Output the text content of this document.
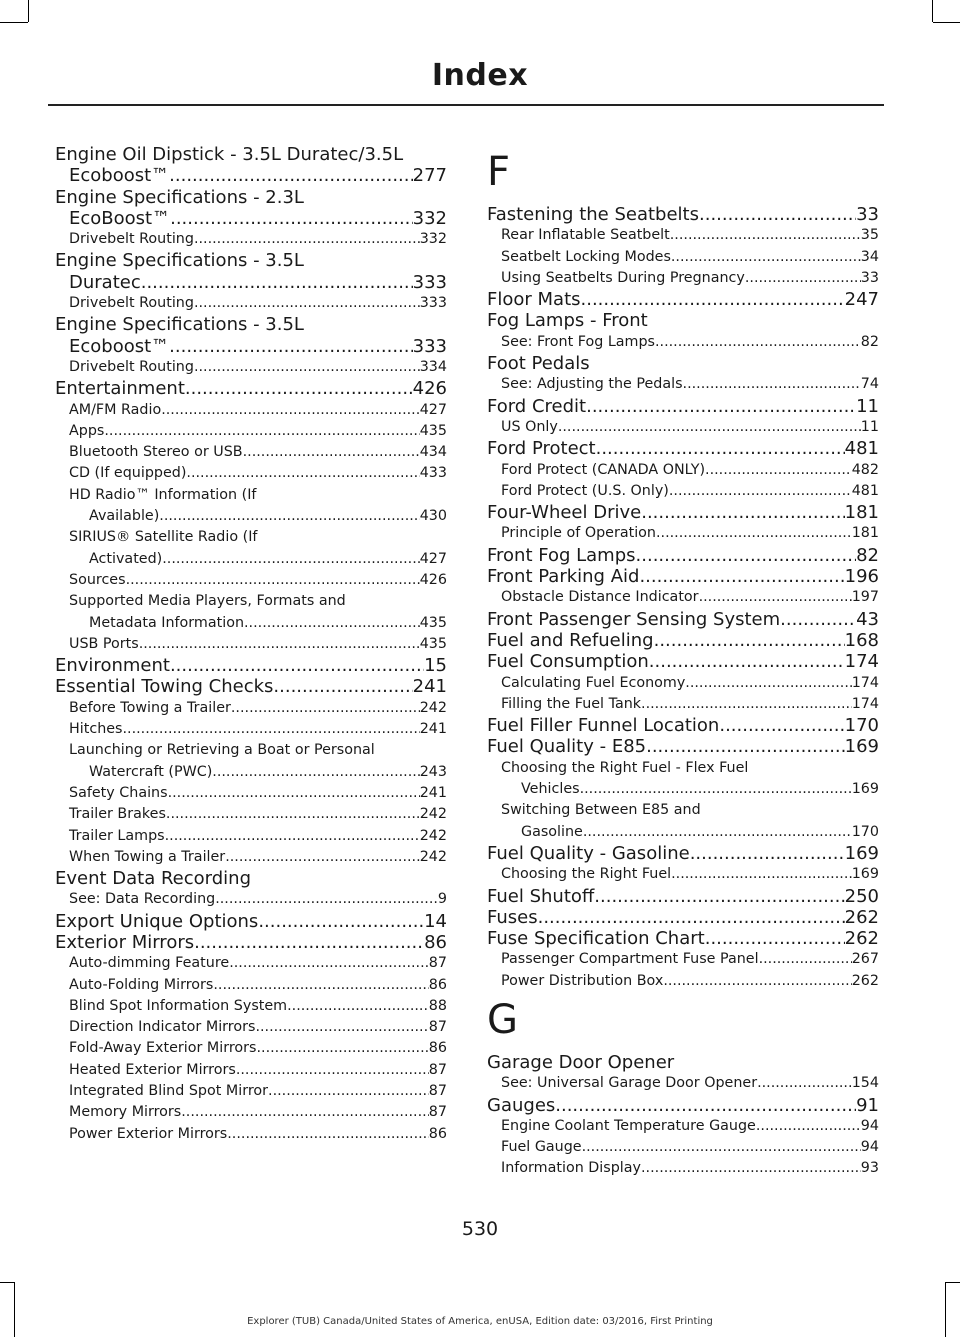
Index
Engine Oil Dipstick - 3.5L Duratec/3.5L
Ecoboost™ .....	277
Engine Specifications - 2.3L
EcoBoost™ .....	332
Drivebelt Routing .....	332
Engine Specifications - 3.5L
Duratec .....	333
Drivebelt Routing .....	333
Engine Specifications - 3.5L
Ecoboost™ .....	333
Drivebelt Routing .....	334
Entertainment .....	426
AM/FM Radio .....	427
Apps .....	435
Bluetooth Stereo or USB .....	434
CD (If equipped) .....	433
HD Radio™ Information (If
Available) .....	430
SIRIUS® Satellite Radio (If
Activated) .....	427
Sources .....	426
Supported Media Players, Formats and
Metadata Information .....	435
USB Ports .....	435
Environment .....	15
Essential Towing Checks .....	241
Before Towing a Trailer .....	242
Hitches .....	241
Launching or Retrieving a Boat or Personal
Watercraft (PWC) .....	243
Safety Chains .....	241
Trailer Brakes .....	242
Trailer Lamps .....	242
When Towing a Trailer .....	242
Event Data Recording
See: Data Recording .....	9
Export Unique Options .....	14
Exterior Mirrors .....	86
Auto-dimming Feature .....	87
Auto-Folding Mirrors .....	86
Blind Spot Information System .....	88
Direction Indicator Mirrors .....	87
Fold-Away Exterior Mirrors .....	86
Heated Exterior Mirrors .....	87
Integrated Blind Spot Mirror .....	87
Memory Mirrors .....	87
Power Exterior Mirrors .....	86
F
Fastening the Seatbelts .....	33
Rear Inflatable Seatbelt .....	35
Seatbelt Locking Modes .....	34
Using Seatbelts During Pregnancy .....	33
Floor Mats .....	247
Fog Lamps - Front
See: Front Fog Lamps .....	82
Foot Pedals
See: Adjusting the Pedals .....	74
Ford Credit .....	11
US Only .....	11
Ford Protect .....	481
Ford Protect (CANADA ONLY) .....	482
Ford Protect (U.S. Only) .....	481
Four-Wheel Drive .....	181
Principle of Operation .....	181
Front Fog Lamps .....	82
Front Parking Aid .....	196
Obstacle Distance Indicator .....	197
Front Passenger Sensing System .....	43
Fuel and Refueling .....	168
Fuel Consumption .....	174
Calculating Fuel Economy .....	174
Filling the Fuel Tank .....	174
Fuel Filler Funnel Location .....	170
Fuel Quality - E85 .....	169
Choosing the Right Fuel - Flex Fuel
Vehicles .....	169
Switching Between E85 and
Gasoline .....	170
Fuel Quality - Gasoline .....	169
Choosing the Right Fuel .....	169
Fuel Shutoff .....	250
Fuses .....	262
Fuse Specification Chart .....	262
Passenger Compartment Fuse Panel .....	267
Power Distribution Box .....	262
G
Garage Door Opener
See: Universal Garage Door Opener .....	154
Gauges .....	91
Engine Coolant Temperature Gauge .....	94
Fuel Gauge .....	94
Information Display .....	93
530
Explorer (TUB) Canada/United States of America, enUSA, Edition date: 03/2016, First Printing
